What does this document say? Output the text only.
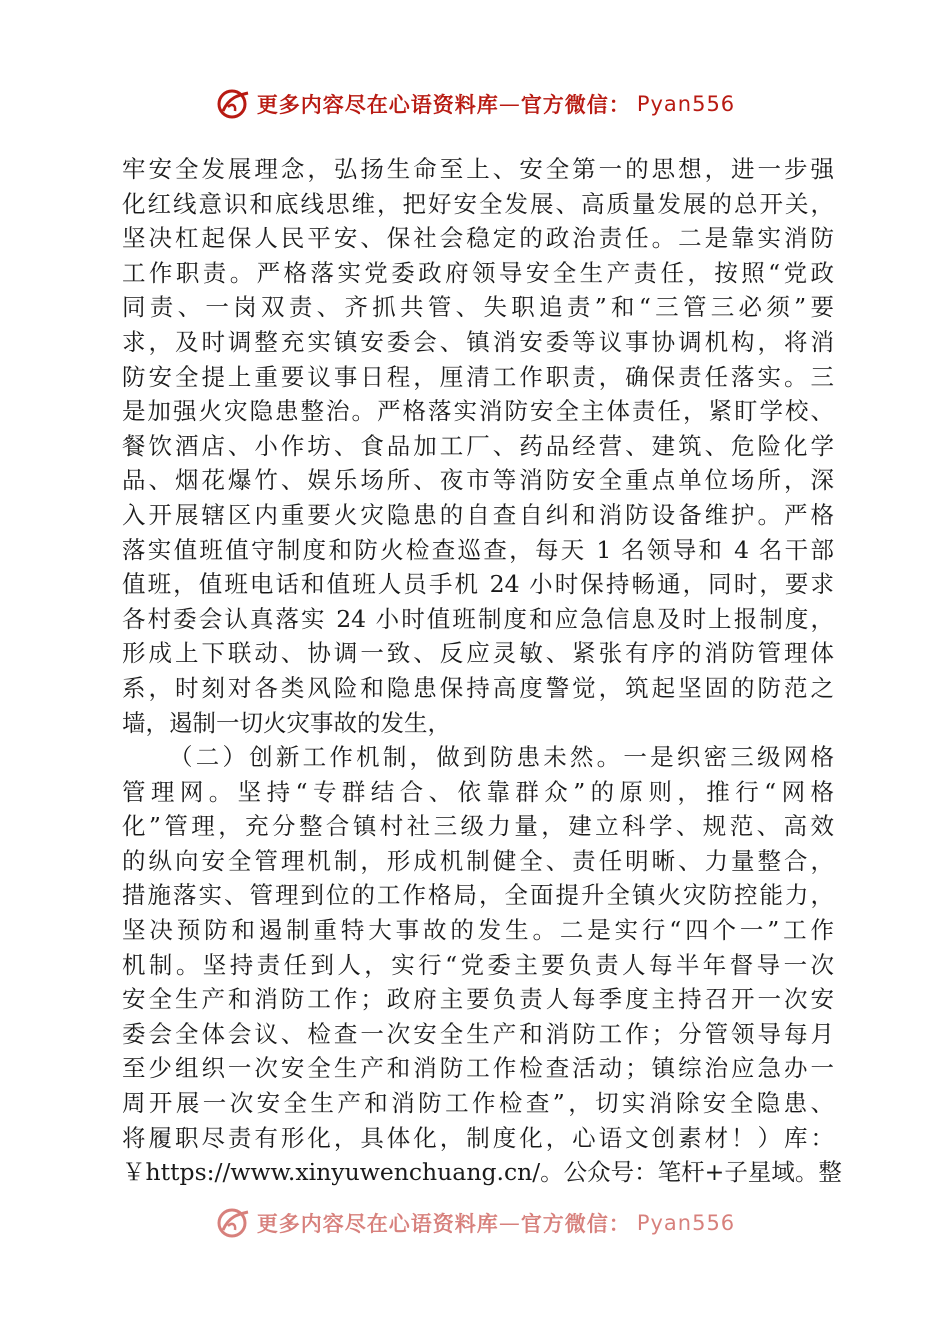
更多内容尽在心语资料库 — 官方微信： Pyan556
牢安全发展理念，弘扬生命至上、安全第一的思想，进一步强
化红线意识和底线思维，把好安全发展、高质量发展的总开关，
坚决杠起保人民平安、保社会稳定的政治责任。二是靠实消防
工作职责。严格落实党委政府领导安全生产责任，按照“党政
同责、一岗双责、齐抓共管、失职追责”和“三管三必须”要
求，及时调整充实镇安委会、镇消安委等议事协调机构，将消
防安全提上重要议事日程，厘清工作职责，确保责任落实。三
是加强火灾隐患整治。严格落实消防安全主体责任，紧盯学校、
餐饮酒店、小作坊、食品加工厂、药品经营、建筑、危险化学
品、烟花爆竹、娱乐场所、夜市等消防安全重点单位场所，深
入开展辖区内重要火灾隐患的自查自纠和消防设备维护。严格
落实值班值守制度和防火检查巡查，每天 1 名领导和 4 名干部
值班，值班电话和值班人员手机 24 小时保持畅通，同时，要求
各村委会认真落实 24 小时值班制度和应急信息及时上报制度，
形成上下联动、协调一致、反应灵敏、紧张有序的消防管理体
系，时刻对各类风险和隐患保持高度警觉，筑起坚固的防范之
墙，遏制一切火灾事故的发生，
（二）创新工作机制，做到防患未然。一是织密三级网格
管理网。坚持“专群结合、依靠群众”的原则，推行“网格
化”管理，充分整合镇村社三级力量，建立科学、规范、高效
的纵向安全管理机制，形成机制健全、责任明晰、力量整合，
措施落实、管理到位的工作格局，全面提升全镇火灾防控能力，
坚决预防和遏制重特大事故的发生。二是实行“四个一”工作
机制。坚持责任到人，实行“党委主要负责人每半年督导一次
安全生产和消防工作；政府主要负责人每季度主持召开一次安
委会全体会议、检查一次安全生产和消防工作；分管领导每月
至少组织一次安全生产和消防工作检查活动；镇综治应急办一
周开展一次安全生产和消防工作检查”，切实消除安全隐患、
将履职尽责有形化，具体化，制度化，心语文创素材！）库：
￥https://www.xinyuwenchuang.cn/。公众号：笔杆+子星域。整
更多内容尽在心语资料库 — 官方微信： Pyan556
